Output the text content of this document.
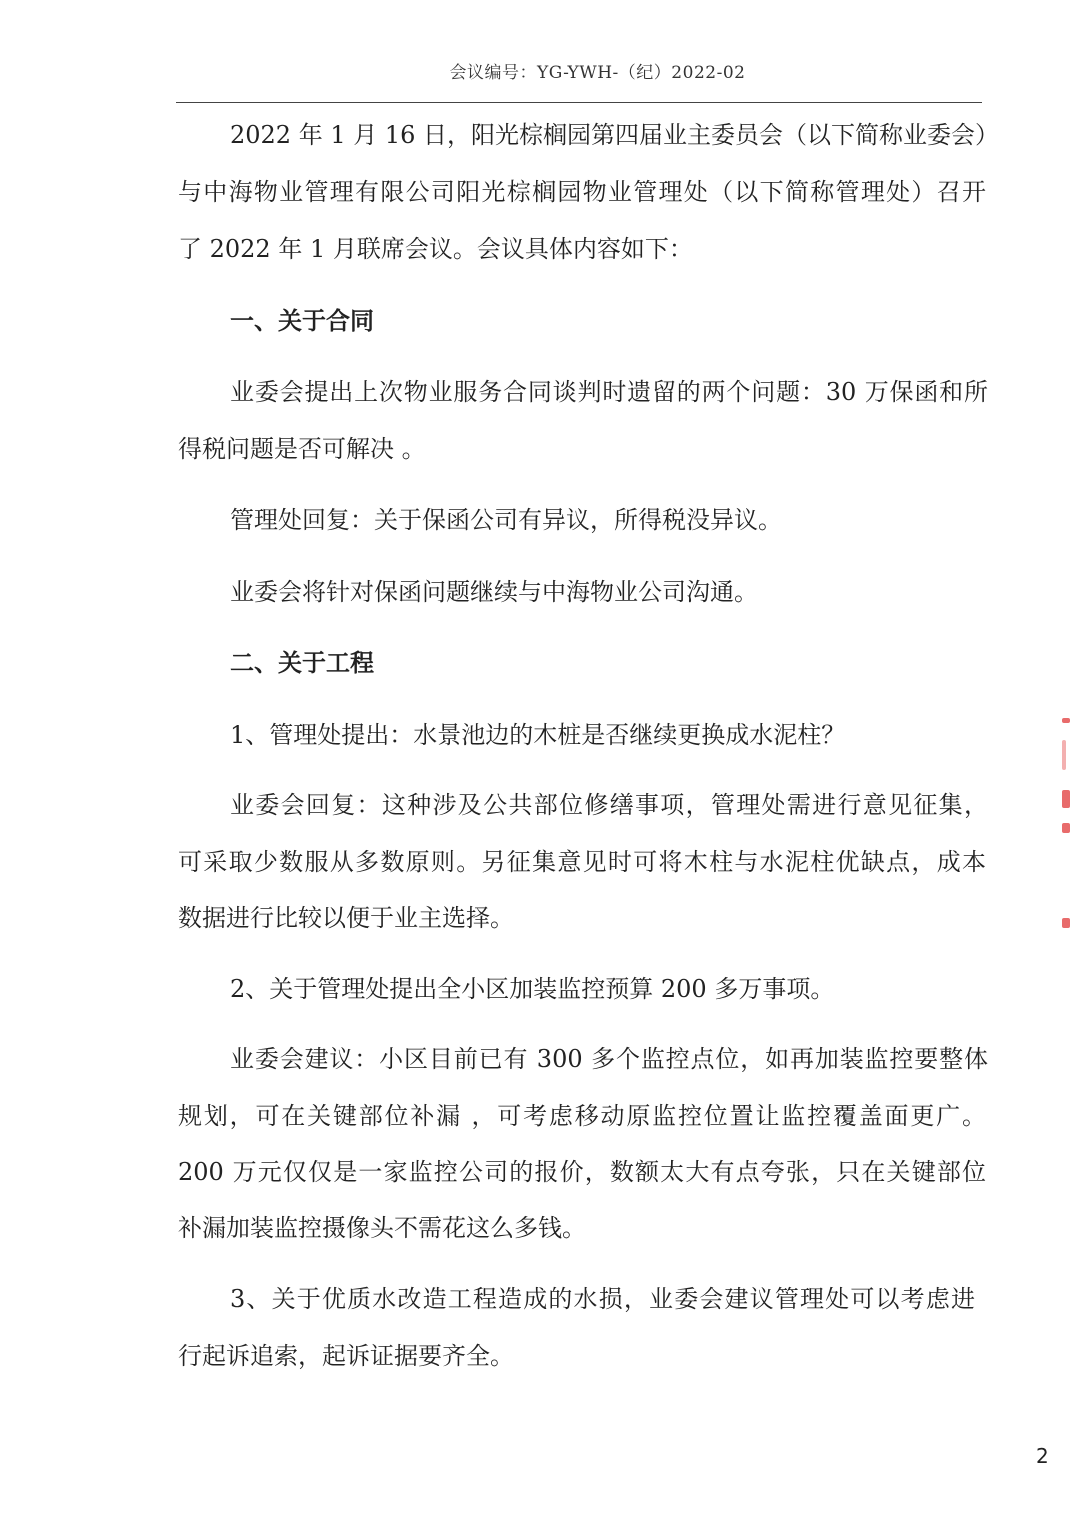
会议编号：YG-YWH-（纪）2022-02
2022 年 1 月 16 日，阳光棕榈园第四届业主委员会（以下简称业委会）
与中海物业管理有限公司阳光棕榈园物业管理处（以下简称管理处）召开
了 2022 年 1 月联席会议。会议具体内容如下：
一、关于合同
业委会提出上次物业服务合同谈判时遗留的两个问题：30 万保函和所
得税问题是否可解决 。
管理处回复：关于保函公司有异议，所得税没异议。
业委会将针对保函问题继续与中海物业公司沟通。
二、关于工程
1、管理处提出：水景池边的木桩是否继续更换成水泥柱？
业委会回复：这种涉及公共部位修缮事项，管理处需进行意见征集，
可采取少数服从多数原则。另征集意见时可将木柱与水泥柱优缺点，成本
数据进行比较以便于业主选择。
2、关于管理处提出全小区加装监控预算 200 多万事项。
业委会建议：小区目前已有 300 多个监控点位，如再加装监控要整体
规划，可在关键部位补漏 ，可考虑移动原监控位置让监控覆盖面更广。
200 万元仅仅是一家监控公司的报价，数额太大有点夸张，只在关键部位
补漏加装监控摄像头不需花这么多钱。
3、关于优质水改造工程造成的水损，业委会建议管理处可以考虑进
行起诉追索，起诉证据要齐全。
2
